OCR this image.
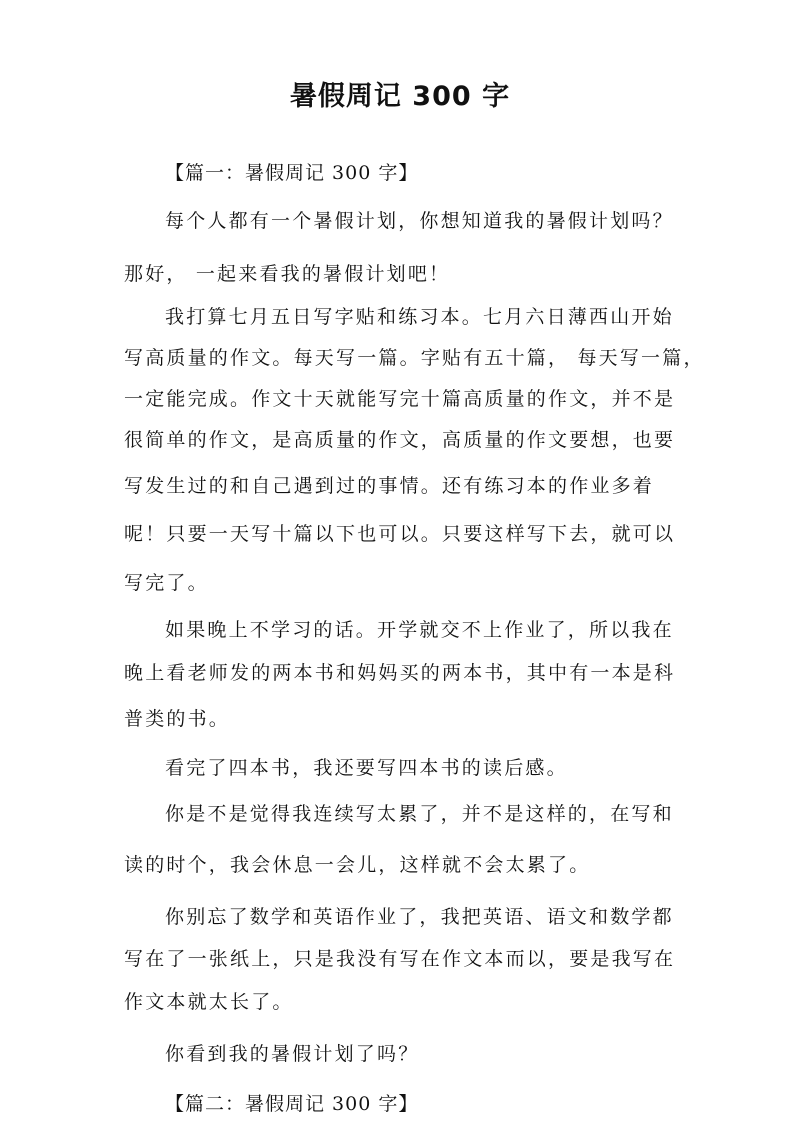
暑假周记 300 字

【篇一：暑假周记 300 字】

每个人都有一个暑假计划，你想知道我的暑假计划吗？

那好， 一起来看我的暑假计划吧！

我打算七月五日写字贴和练习本。七月六日薄西山开始

写高质量的作文。每天写一篇。字贴有五十篇， 每天写一篇，

一定能完成。作文十天就能写完十篇高质量的作文，并不是

很简单的作文，是高质量的作文，高质量的作文要想，也要

写发生过的和自己遇到过的事情。还有练习本的作业多着

呢！只要一天写十篇以下也可以。只要这样写下去，就可以

写完了。

如果晚上不学习的话。开学就交不上作业了，所以我在

晚上看老师发的两本书和妈妈买的两本书，其中有一本是科

普类的书。

看完了四本书，我还要写四本书的读后感。

你是不是觉得我连续写太累了，并不是这样的，在写和

读的时个，我会休息一会儿，这样就不会太累了。

你别忘了数学和英语作业了，我把英语、语文和数学都

写在了一张纸上，只是我没有写在作文本而以，要是我写在

作文本就太长了。

你看到我的暑假计划了吗？

【篇二：暑假周记 300 字】
